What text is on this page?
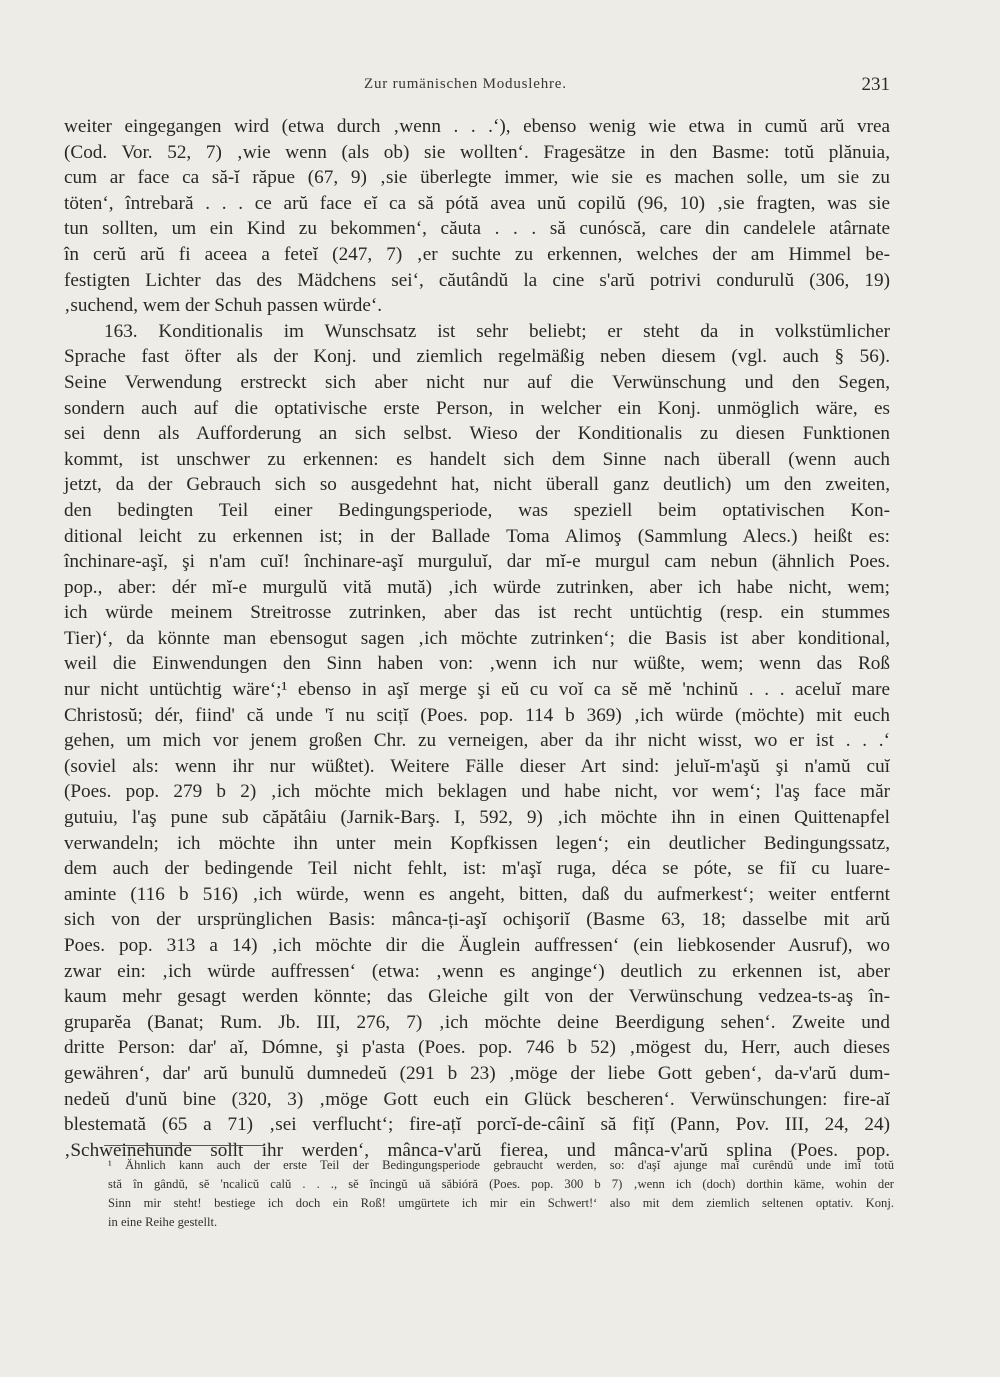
Zur rumänischen Moduslehre.	231
weiter eingegangen wird (etwa durch ‚wenn . . .‘), ebenso wenig wie etwa in cumŭ arŭ vrea
(Cod. Vor. 52, 7) ‚wie wenn (als ob) sie wollten‘. Fragesätze in den Basme: totŭ plănuia,
cum ar face ca să-ĭ răpue (67, 9) ‚sie überlegte immer, wie sie es machen solle, um sie zu
töten‘, întrebară . . . ce arŭ face eĭ ca să pótă avea unŭ copilŭ (96, 10) ‚sie fragten, was sie
tun sollten, um ein Kind zu bekommen‘, căuta . . . să cunóscă, care din candelele atârnate
în cerŭ arŭ fi aceea a feteĭ (247, 7) ‚er suchte zu erkennen, welches der am Himmel be-
festigten Lichter das des Mädchens sei‘, căutândŭ la cine s'arŭ potrivi condurulŭ (306, 19)
‚suchend, wem der Schuh passen würde‘.
163. Konditionalis im Wunschsatz ist sehr beliebt; er steht da in volkstümlicher
Sprache fast öfter als der Konj. und ziemlich regelmäßig neben diesem (vgl. auch § 56).
Seine Verwendung erstreckt sich aber nicht nur auf die Verwünschung und den Segen,
sondern auch auf die optativische erste Person, in welcher ein Konj. unmöglich wäre, es
sei denn als Aufforderung an sich selbst. Wieso der Konditionalis zu diesen Funktionen
kommt, ist unschwer zu erkennen: es handelt sich dem Sinne nach überall (wenn auch
jetzt, da der Gebrauch sich so ausgedehnt hat, nicht überall ganz deutlich) um den zweiten,
den bedingten Teil einer Bedingungsperiode, was speziell beim optativischen Kon-
ditional leicht zu erkennen ist; in der Ballade Toma Alimoş (Sammlung Alecs.) heißt es:
închinare-aşĭ, şi n'am cuĭ! închinare-aşĭ murguluĭ, dar mĭ-e murgul cam nebun (ähnlich Poes.
pop., aber: dér mĭ-e murgulŭ vită mută) ‚ich würde zutrinken, aber ich habe nicht, wem;
ich würde meinem Streitrosse zutrinken, aber das ist recht untüchtig (resp. ein stummes
Tier)‘, da könnte man ebensogut sagen ‚ich möchte zutrinken‘; die Basis ist aber konditional,
weil die Einwendungen den Sinn haben von: ‚wenn ich nur wüßte, wem; wenn das Roß
nur nicht untüchtig wäre‘;¹ ebenso in aşĭ merge şi eŭ cu voĭ ca sĕ mĕ 'nchinŭ . . . aceluĭ mare
Christosŭ; dér, fiind' că unde 'ĭ nu scițĭ (Poes. pop. 114 b 369) ‚ich würde (möchte) mit euch
gehen, um mich vor jenem großen Chr. zu verneigen, aber da ihr nicht wisst, wo er ist . . .‘
(soviel als: wenn ihr nur wüßtet). Weitere Fälle dieser Art sind: jeluĭ-m'aşŭ şi n'amŭ cuĭ
(Poes. pop. 279 b 2) ‚ich möchte mich beklagen und habe nicht, vor wem‘; l'aş face măr
gutuiu, l'aş pune sub căpătâiu (Jarnik-Barş. I, 592, 9) ‚ich möchte ihn in einen Quittenapfel
verwandeln; ich möchte ihn unter mein Kopfkissen legen‘; ein deutlicher Bedingungssatz,
dem auch der bedingende Teil nicht fehlt, ist: m'aşĭ ruga, déca se póte, se fiĭ cu luare-
aminte (116 b 516) ‚ich würde, wenn es angeht, bitten, daß du aufmerkest‘; weiter entfernt
sich von der ursprünglichen Basis: mânca-ți-aşĭ ochişoriĭ (Basme 63, 18; dasselbe mit arŭ
Poes. pop. 313 a 14) ‚ich möchte dir die Äuglein auffressen‘ (ein liebkosender Ausruf), wo
zwar ein: ‚ich würde auffressen‘ (etwa: ‚wenn es anginge‘) deutlich zu erkennen ist, aber
kaum mehr gesagt werden könnte; das Gleiche gilt von der Verwünschung vedzea-ts-aş în-
gruparĕa (Banat; Rum. Jb. III, 276, 7) ‚ich möchte deine Beerdigung sehen‘. Zweite und
dritte Person: dar' aĭ, Dómne, şi p'asta (Poes. pop. 746 b 52) ‚mögest du, Herr, auch dieses
gewähren‘, dar' arŭ bunulŭ dumnedeŭ (291 b 23) ‚möge der liebe Gott geben‘, da-v'arŭ dum-
nedeŭ d'unŭ bine (320, 3) ‚möge Gott euch ein Glück bescheren‘. Verwünschungen: fire-aĭ
blestemată (65 a 71) ‚sei verflucht‘; fire-ațĭ porcĭ-de-câinĭ să fițĭ (Pann, Pov. III, 24, 24)
‚Schweinehunde sollt ihr werden‘, mânca-v'arŭ fierea, und mânca-v'arŭ splina (Poes. pop.
¹ Ähnlich kann auch der erste Teil der Bedingungsperiode gebraucht werden, so: d'aşĭ ajunge maĭ curêndŭ unde imĭ totŭ
stă în gândŭ, sĕ 'ncalicŭ calŭ . . ., sĕ încingŭ uă săbióră (Poes. pop. 300 b 7) ‚wenn ich (doch) dorthin käme, wohin der
Sinn mir steht! bestiege ich doch ein Roß! umgürtete ich mir ein Schwert!‘ also mit dem ziemlich seltenen optativ. Konj.
in eine Reihe gestellt.
